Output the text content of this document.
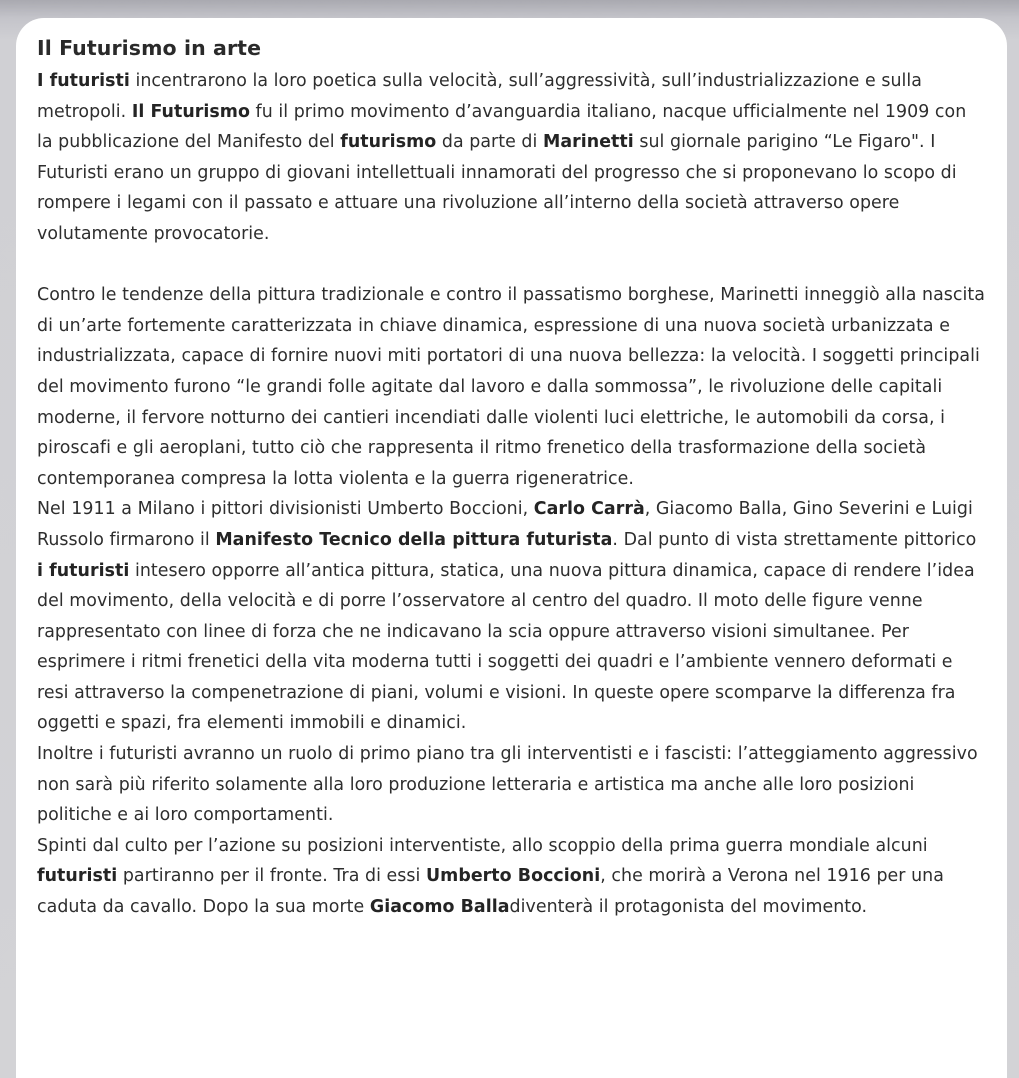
Il Futurismo in arte

I futuristi incentrarono la loro poetica sulla velocità, sull’aggressività, sull’industrializzazione e sulla metropoli. Il Futurismo fu il primo movimento d’avanguardia italiano, nacque ufficialmente nel 1909 con la pubblicazione del Manifesto del futurismo da parte di Marinetti sul giornale parigino “Le Figaro". I Futuristi erano un gruppo di giovani intellettuali innamorati del progresso che si proponevano lo scopo di rompere i legami con il passato e attuare una rivoluzione all’interno della società attraverso opere volutamente provocatorie.

Contro le tendenze della pittura tradizionale e contro il passatismo borghese, Marinetti inneggiò alla nascita di un’arte fortemente caratterizzata in chiave dinamica, espressione di una nuova società urbanizzata e industrializzata, capace di fornire nuovi miti portatori di una nuova bellezza: la velocità. I soggetti principali del movimento furono “le grandi folle agitate dal lavoro e dalla sommossa”, le rivoluzione delle capitali moderne, il fervore notturno dei cantieri incendiati dalle violenti luci elettriche, le automobili da corsa, i piroscafi e gli aeroplani, tutto ciò che rappresenta il ritmo frenetico della trasformazione della società contemporanea compresa la lotta violenta e la guerra rigeneratrice.

Nel 1911 a Milano i pittori divisionisti Umberto Boccioni, Carlo Carrà, Giacomo Balla, Gino Severini e Luigi Russolo firmarono il Manifesto Tecnico della pittura futurista. Dal punto di vista strettamente pittorico i futuristi intesero opporre all’antica pittura, statica, una nuova pittura dinamica, capace di rendere l’idea del movimento, della velocità e di porre l’osservatore al centro del quadro. Il moto delle figure venne rappresentato con linee di forza che ne indicavano la scia oppure attraverso visioni simultanee. Per esprimere i ritmi frenetici della vita moderna tutti i soggetti dei quadri e l’ambiente vennero deformati e resi attraverso la compenetrazione di piani, volumi e visioni. In queste opere scomparve la differenza fra oggetti e spazi, fra elementi immobili e dinamici.

Inoltre i futuristi avranno un ruolo di primo piano tra gli interventisti e i fascisti: l’atteggiamento aggressivo non sarà più riferito solamente alla loro produzione letteraria e artistica ma anche alle loro posizioni politiche e ai loro comportamenti.

Spinti dal culto per l’azione su posizioni interventiste, allo scoppio della prima guerra mondiale alcuni futuristi partiranno per il fronte. Tra di essi Umberto Boccioni, che morirà a Verona nel 1916 per una caduta da cavallo. Dopo la sua morte Giacomo Balladiventerà il protagonista del movimento.
